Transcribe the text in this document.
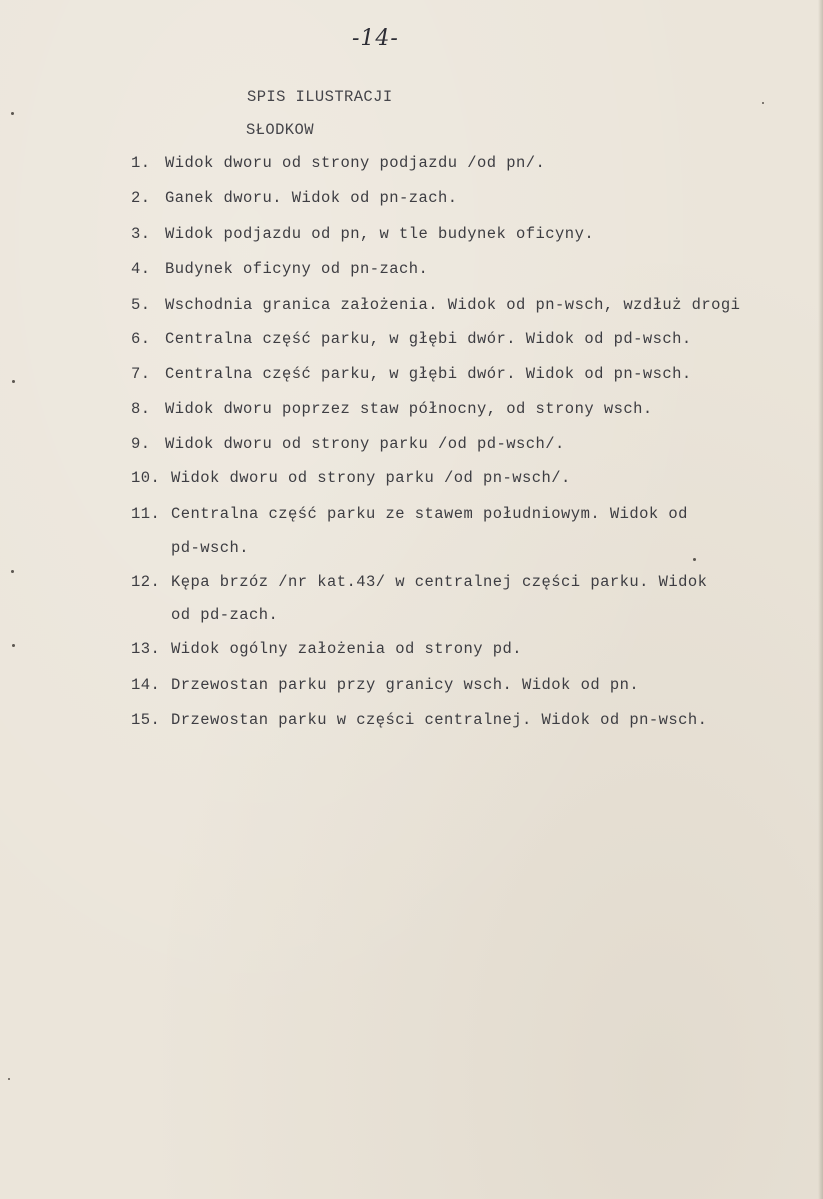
-14-
SPIS ILUSTRACJI
SŁODKOW
1. Widok dworu od strony podjazdu /od pn/.
2. Ganek dworu. Widok od pn-zach.
3. Widok podjazdu od pn, w tle budynek oficyny.
4. Budynek oficyny od pn-zach.
5. Wschodnia granica założenia. Widok od pn-wsch, wzdłuż drogi
6. Centralna część parku, w głębi dwór. Widok od pd-wsch.
7. Centralna część parku, w głębi dwór. Widok od pn-wsch.
8. Widok dworu poprzez staw północny, od strony wsch.
9. Widok dworu od strony parku /od pd-wsch/.
10. Widok dworu od strony parku /od pn-wsch/.
11. Centralna część parku ze stawem południowym. Widok od
pd-wsch.
12. Kępa brzóz /nr kat.43/ w centralnej części parku. Widok
od pd-zach.
13. Widok ogólny założenia od strony pd.
14. Drzewostan parku przy granicy wsch. Widok od pn.
15. Drzewostan parku w części centralnej. Widok od pn-wsch.
